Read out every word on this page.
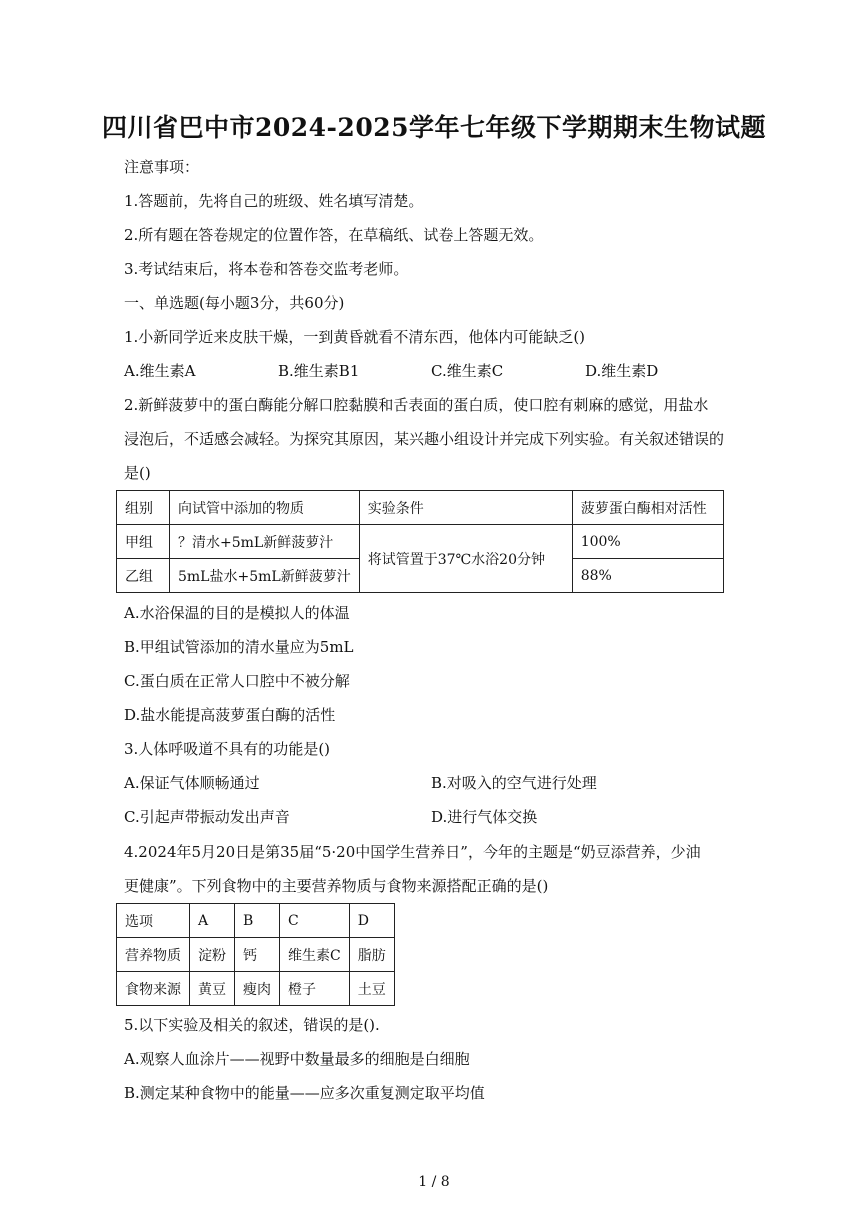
四川省巴中市2024-2025学年七年级下学期期末生物试题
注意事项：
1.答题前，先将自己的班级、姓名填写清楚。
2.所有题在答卷规定的位置作答，在草稿纸、试卷上答题无效。
3.考试结束后，将本卷和答卷交监考老师。
一、单选题(每小题3分，共60分)
1.小新同学近来皮肤干燥，一到黄昏就看不清东西，他体内可能缺乏()
A.维生素A	B.维生素B1	C.维生素C	D.维生素D
2.新鲜菠萝中的蛋白酶能分解口腔黏膜和舌表面的蛋白质，使口腔有刺麻的感觉，用盐水
浸泡后，不适感会减轻。为探究其原因，某兴趣小组设计并完成下列实验。有关叙述错误的
是()
组别	向试管中添加的物质	实验条件	菠萝蛋白酶相对活性
甲组	？清水+5mL新鲜菠萝汁	将试管置于37℃水浴20分钟	100%
乙组	5mL盐水+5mL新鲜菠萝汁		88%
A.水浴保温的目的是模拟人的体温
B.甲组试管添加的清水量应为5mL
C.蛋白质在正常人口腔中不被分解
D.盐水能提高菠萝蛋白酶的活性
3.人体呼吸道不具有的功能是()
A.保证气体顺畅通过	B.对吸入的空气进行处理
C.引起声带振动发出声音	D.进行气体交换
4.2024年5月20日是第35届“5·20中国学生营养日”，今年的主题是“奶豆添营养，少油
更健康”。下列食物中的主要营养物质与食物来源搭配正确的是()
选项	A	B	C	D
营养物质	淀粉	钙	维生素C	脂肪
食物来源	黄豆	瘦肉	橙子	土豆
5.以下实验及相关的叙述，错误的是().
A.观察人血涂片——视野中数量最多的细胞是白细胞
B.测定某种食物中的能量——应多次重复测定取平均值
1 / 8
